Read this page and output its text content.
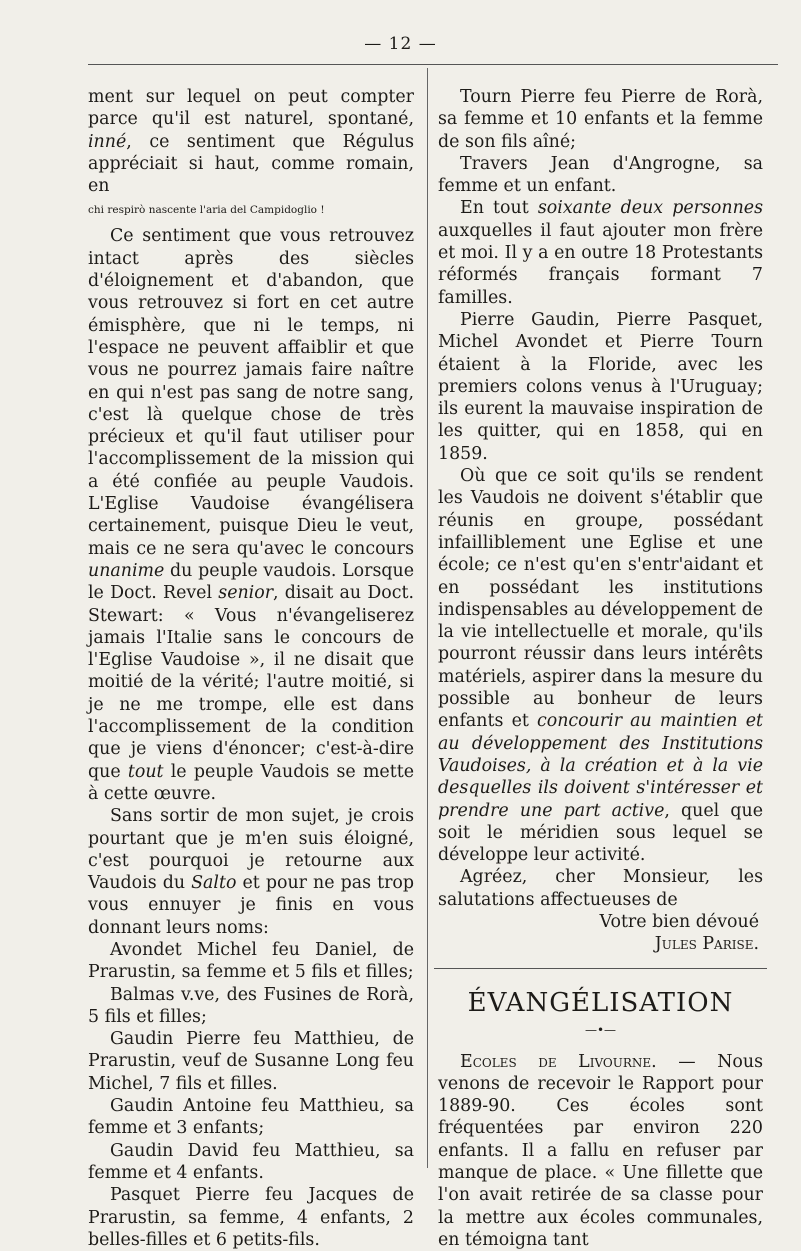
— 12 —

ment sur lequel on peut compter parce qu'il est naturel, spontané, inné, ce sentiment que Régulus appréciait si haut, comme romain, en

chi respirò nascente l'aria del Campidoglio !

Ce sentiment que vous retrouvez intact après des siècles d'éloignement et d'abandon, que vous retrouvez si fort en cet autre émisphère, que ni le temps, ni l'espace ne peuvent affaiblir et que vous ne pourrez jamais faire naître en qui n'est pas sang de notre sang, c'est là quelque chose de très précieux et qu'il faut utiliser pour l'accomplissement de la mission qui a été confiée au peuple Vaudois. L'Eglise Vaudoise évangélisera certainement, puisque Dieu le veut, mais ce ne sera qu'avec le concours unanime du peuple vaudois. Lorsque le Doct. Revel senior, disait au Doct. Stewart: « Vous n'évangeliserez jamais l'Italie sans le concours de l'Eglise Vaudoise », il ne disait que moitié de la vérité; l'autre moitié, si je ne me trompe, elle est dans l'accomplissement de la condition que je viens d'énoncer; c'est-à-dire que tout le peuple Vaudois se mette à cette œuvre.

Sans sortir de mon sujet, je crois pourtant que je m'en suis éloigné, c'est pourquoi je retourne aux Vaudois du Salto et pour ne pas trop vous ennuyer je finis en vous donnant leurs noms:

Avondet Michel feu Daniel, de Prarustin, sa femme et 5 fils et filles;

Balmas v.ve, des Fusines de Rorà, 5 fils et filles;

Gaudin Pierre feu Matthieu, de Prarustin, veuf de Susanne Long feu Michel, 7 fils et filles.

Gaudin Antoine feu Matthieu, sa femme et 3 enfants;

Gaudin David feu Matthieu, sa femme et 4 enfants.

Pasquet Pierre feu Jacques de Prarustin, sa femme, 4 enfants, 2 belles-filles et 6 petits-fils.

Tourn Pierre feu Pierre de Rorà, sa femme et 10 enfants et la femme de son fils aîné;

Travers Jean d'Angrogne, sa femme et un enfant.

En tout soixante deux personnes auxquelles il faut ajouter mon frère et moi. Il y a en outre 18 Protestants réformés français formant 7 familles.

Pierre Gaudin, Pierre Pasquet, Michel Avondet et Pierre Tourn étaient à la Floride, avec les premiers colons venus à l'Uruguay; ils eurent la mauvaise inspiration de les quitter, qui en 1858, qui en 1859.

Où que ce soit qu'ils se rendent les Vaudois ne doivent s'établir que réunis en groupe, possédant infailliblement une Eglise et une école; ce n'est qu'en s'entr'aidant et en possédant les institutions indispensables au développement de la vie intellectuelle et morale, qu'ils pourront réussir dans leurs intérêts matériels, aspirer dans la mesure du possible au bonheur de leurs enfants et concourir au maintien et au développement des Institutions Vaudoises, à la création et à la vie desquelles ils doivent s'intéresser et prendre une part active, quel que soit le méridien sous lequel se développe leur activité.

Agréez, cher Monsieur, les salutations affectueuses de

Votre bien dévoué

Jules Parise.

ÉVANGÉLISATION

—•—

Ecoles de Livourne. — Nous venons de recevoir le Rapport pour 1889-90. Ces écoles sont fréquentées par environ 220 enfants. Il a fallu en refuser par manque de place. « Une fillette que l'on avait retirée de sa classe pour la mettre aux écoles communales, en témoigna tant
